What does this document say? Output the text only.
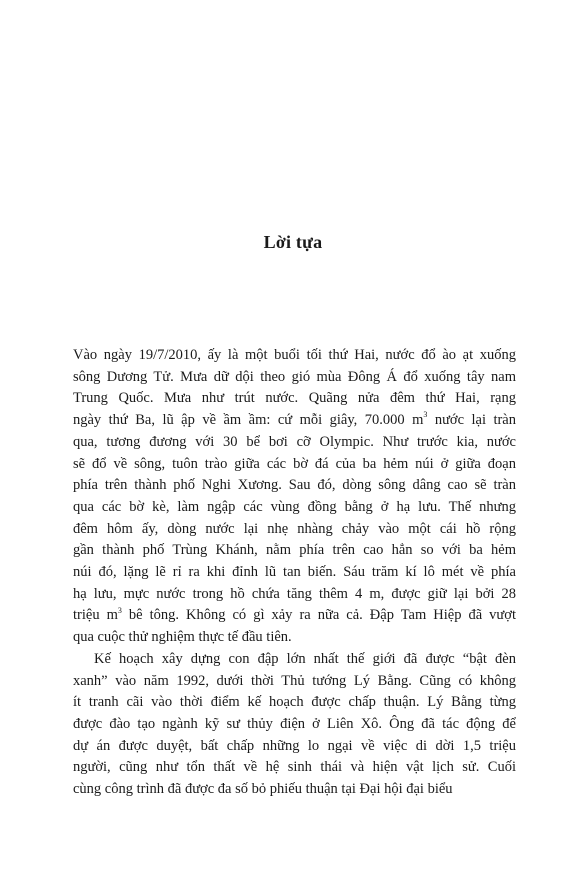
Lời tựa

Vào ngày 19/7/2010, ấy là một buổi tối thứ Hai, nước đổ ào ạt xuống
sông Dương Tử. Mưa dữ dội theo gió mùa Đông Á đổ xuống tây nam
Trung Quốc. Mưa như trút nước. Quãng nửa đêm thứ Hai, rạng
ngày thứ Ba, lũ ập về ầm ầm: cứ mỗi giây, 70.000 $m^3$ nước lại tràn
qua, tương đương với 30 bể bơi cỡ Olympic. Như trước kia, nước
sẽ đổ về sông, tuôn trào giữa các bờ đá của ba hẻm núi ở giữa đoạn
phía trên thành phố Nghi Xương. Sau đó, dòng sông dâng cao sẽ tràn
qua các bờ kè, làm ngập các vùng đồng bằng ở hạ lưu. Thế nhưng
đêm hôm ấy, dòng nước lại nhẹ nhàng chảy vào một cái hồ rộng
gần thành phố Trùng Khánh, nằm phía trên cao hẳn so với ba hẻm
núi đó, lặng lẽ rỉ ra khi đỉnh lũ tan biến. Sáu trăm kí lô mét về phía
hạ lưu, mực nước trong hồ chứa tăng thêm 4 m, được giữ lại bởi 28
triệu $m^3$ bê tông. Không có gì xảy ra nữa cả. Đập Tam Hiệp đã vượt
qua cuộc thử nghiệm thực tế đầu tiên.

Kế hoạch xây dựng con đập lớn nhất thế giới đã được “bật đèn
xanh” vào năm 1992, dưới thời Thủ tướng Lý Bằng. Cũng có không
ít tranh cãi vào thời điểm kế hoạch được chấp thuận. Lý Bằng từng
được đào tạo ngành kỹ sư thủy điện ở Liên Xô. Ông đã tác động để
dự án được duyệt, bất chấp những lo ngại về việc di dời 1,5 triệu
người, cũng như tổn thất về hệ sinh thái và hiện vật lịch sử. Cuối
cùng công trình đã được đa số bỏ phiếu thuận tại Đại hội đại biểu
